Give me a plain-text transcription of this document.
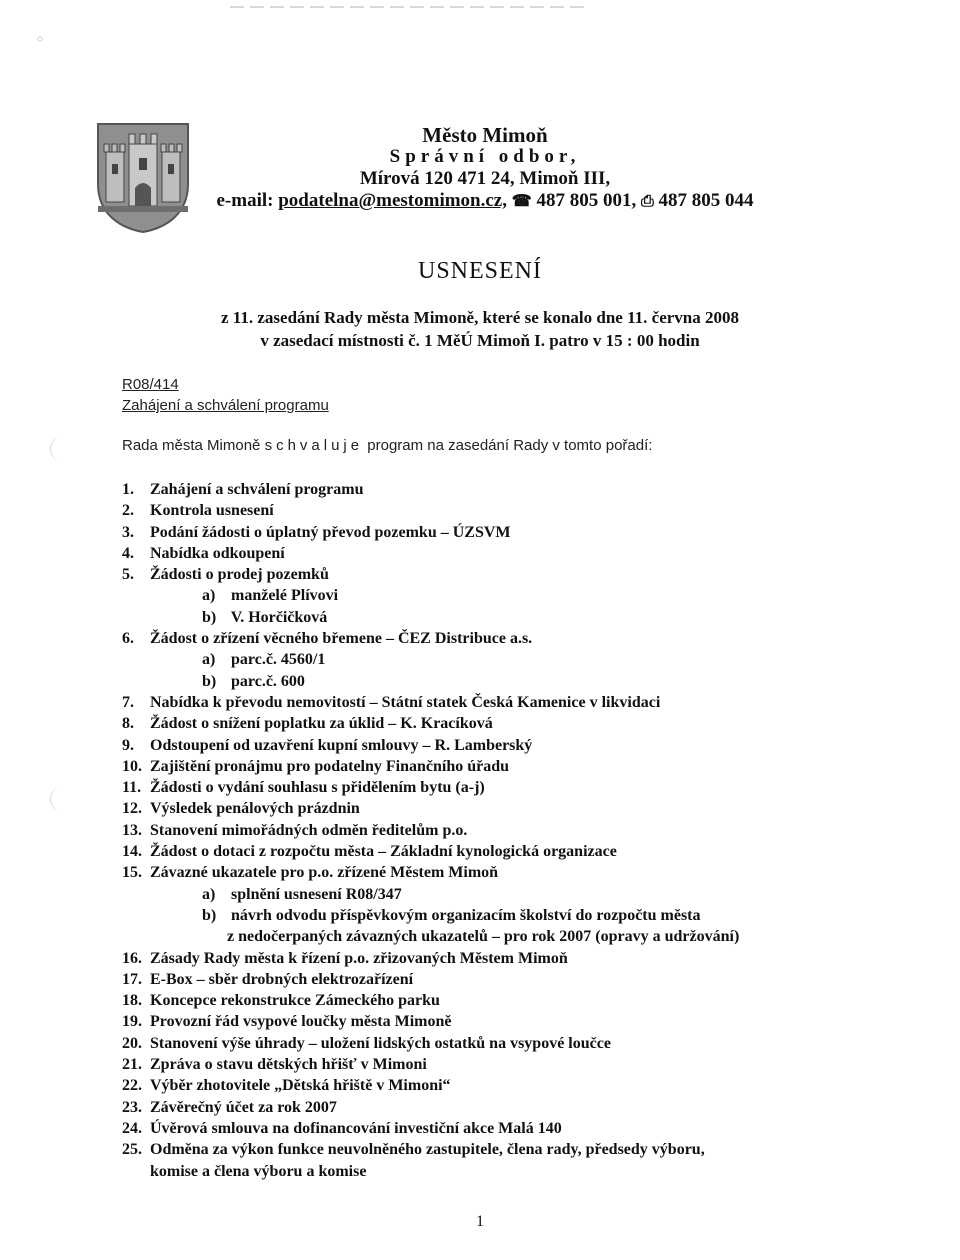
⸰
Město Mimoň
Správní odbor,
Mírová 120 471 24, Mimoň III,
e-mail: podatelna@mestomimon.cz, ☎ 487 805 001, ⎙ 487 805 044
USNESENÍ
z 11. zasedání Rady města Mimoně, které se konalo dne 11. června 2008
v zasedací místnosti č. 1 MěÚ Mimoň I. patro v 15 : 00 hodin
R08/414
Zahájení a schválení programu
Rada města Mimoně schvaluje program na zasedání Rady v tomto pořadí:
1.	Zahájení a schválení programu
2.	Kontrola usnesení
3.	Podání žádosti o úplatný převod pozemku – ÚZSVM
4.	Nabídka odkoupení
5.	Žádosti o prodej pozemků
a) manželé Plívovi
b) V. Horčičková
6.	Žádost o zřízení věcného břemene – ČEZ Distribuce a.s.
a) parc.č. 4560/1
b) parc.č. 600
7.	Nabídka k převodu nemovitostí – Státní statek Česká Kamenice v likvidaci
8.	Žádost o snížení poplatku za úklid – K. Kracíková
9.	Odstoupení od uzavření kupní smlouvy – R. Lamberský
10. Zajištění pronájmu pro podatelny Finančního úřadu
11. Žádosti o vydání souhlasu s přidělením bytu (a-j)
12. Výsledek penálových prázdnin
13. Stanovení mimořádných odměn ředitelům p.o.
14. Žádost o dotaci z rozpočtu města – Základní kynologická organizace
15. Závazné ukazatele pro p.o. zřízené Městem Mimoň
a) splnění usnesení R08/347
b) návrh odvodu příspěvkovým organizacím školství do rozpočtu města
z nedočerpaných závazných ukazatelů – pro rok 2007 (opravy a udržování)
16. Zásady Rady města k řízení p.o. zřizovaných Městem Mimoň
17. E-Box – sběr drobných elektrozařízení
18. Koncepce rekonstrukce Zámeckého parku
19. Provozní řád vsypové loučky města Mimoně
20. Stanovení výše úhrady – uložení lidských ostatků na vsypové loučce
21. Zpráva o stavu dětských hřišť v Mimoni
22. Výběr zhotovitele „Dětská hřiště v Mimoni“
23. Závěrečný účet za rok 2007
24. Úvěrová smlouva na dofinancování investiční akce Malá 140
25. Odměna za výkon funkce neuvolněného zastupitele, člena rady, předsedy výboru,
komise a člena výboru a komise
1
